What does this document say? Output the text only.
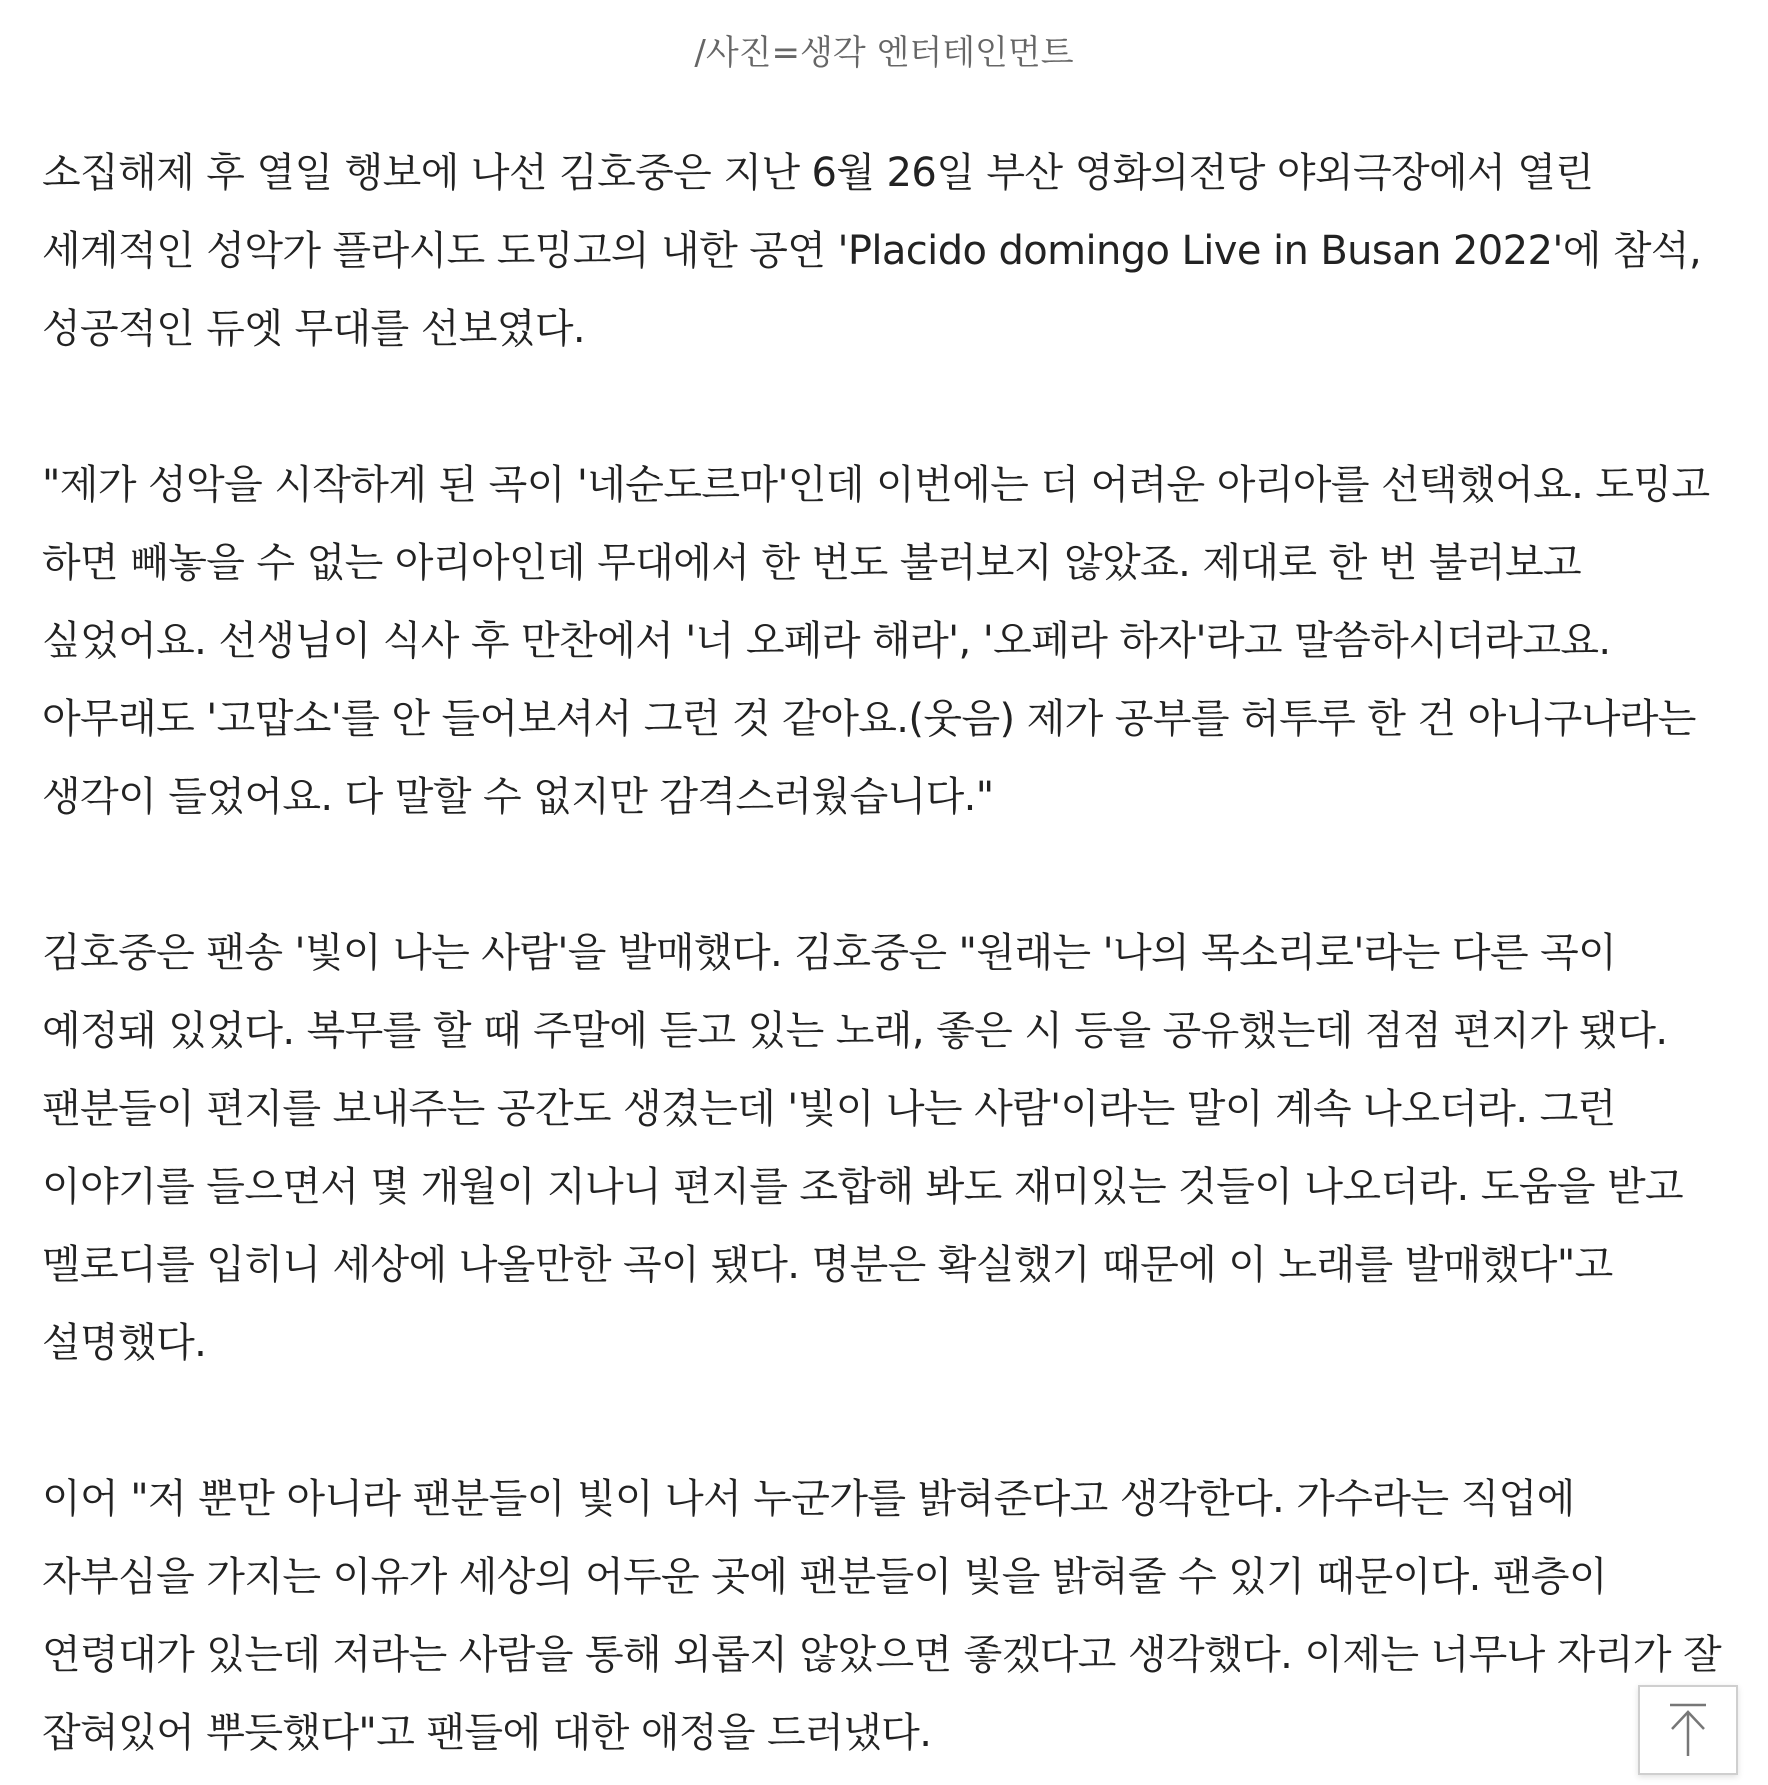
/사진=생각 엔터테인먼트

소집해제 후 열일 행보에 나선 김호중은 지난 6월 26일 부산 영화의전당 야외극장에서 열린 세계적인 성악가 플라시도 도밍고의 내한 공연 'Placido domingo Live in Busan 2022'에 참석, 성공적인 듀엣 무대를 선보였다.

"제가 성악을 시작하게 된 곡이 '네순도르마'인데 이번에는 더 어려운 아리아를 선택했어요. 도밍고 하면 빼놓을 수 없는 아리아인데 무대에서 한 번도 불러보지 않았죠. 제대로 한 번 불러보고 싶었어요. 선생님이 식사 후 만찬에서 '너 오페라 해라', '오페라 하자'라고 말씀하시더라고요. 아무래도 '고맙소'를 안 들어보셔서 그런 것 같아요.(웃음) 제가 공부를 허투루 한 건 아니구나라는 생각이 들었어요. 다 말할 수 없지만 감격스러웠습니다."

김호중은 팬송 '빛이 나는 사람'을 발매했다. 김호중은 "원래는 '나의 목소리로'라는 다른 곡이 예정돼 있었다. 복무를 할 때 주말에 듣고 있는 노래, 좋은 시 등을 공유했는데 점점 편지가 됐다. 팬분들이 편지를 보내주는 공간도 생겼는데 '빛이 나는 사람'이라는 말이 계속 나오더라. 그런 이야기를 들으면서 몇 개월이 지나니 편지를 조합해 봐도 재미있는 것들이 나오더라. 도움을 받고 멜로디를 입히니 세상에 나올만한 곡이 됐다. 명분은 확실했기 때문에 이 노래를 발매했다"고 설명했다.

이어 "저 뿐만 아니라 팬분들이 빛이 나서 누군가를 밝혀준다고 생각한다. 가수라는 직업에 자부심을 가지는 이유가 세상의 어두운 곳에 팬분들이 빛을 밝혀줄 수 있기 때문이다. 팬층이 연령대가 있는데 저라는 사람을 통해 외롭지 않았으면 좋겠다고 생각했다. 이제는 너무나 자리가 잘 잡혀있어 뿌듯했다"고 팬들에 대한 애정을 드러냈다.
